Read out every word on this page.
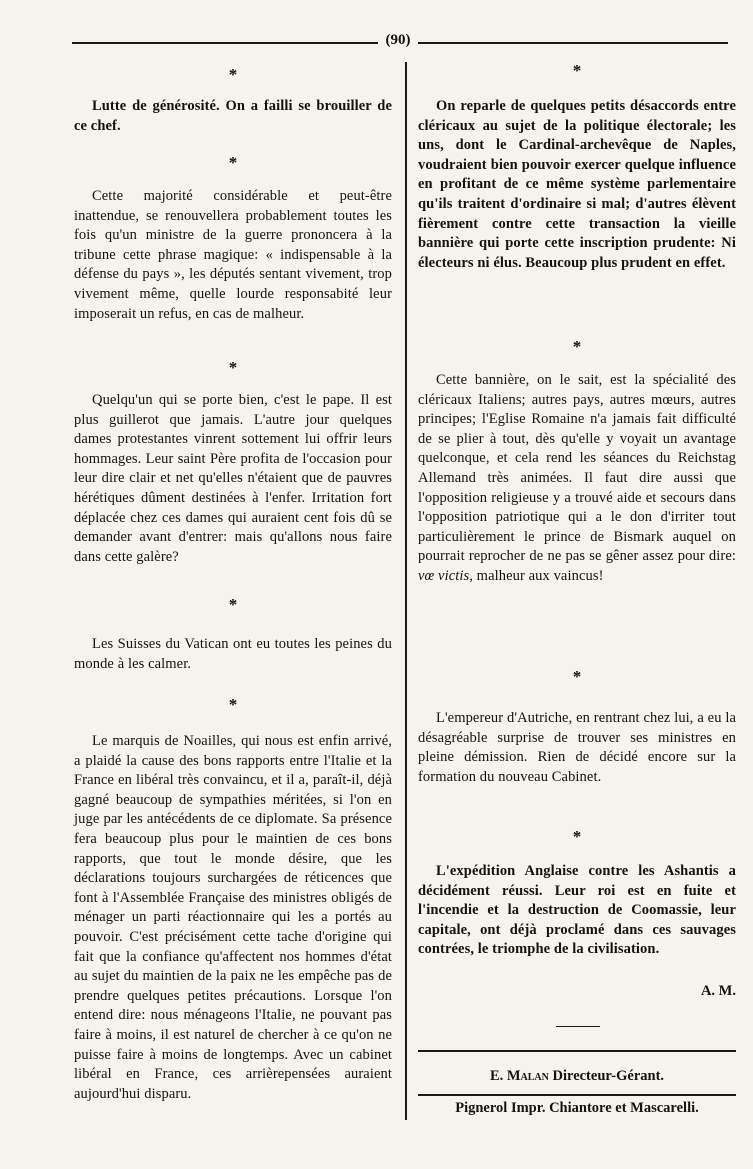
(90)
*

Lutte de générosité. On a failli se brouiller de ce chef.

*

Cette majorité considérable et peut-être inattendue, se renouvellera probablement toutes les fois qu'un ministre de la guerre prononcera à la tribune cette phrase magique: « indispensable à la défense du pays », les députés sentant vivement, trop vivement même, quelle lourde responsabité leur imposerait un refus, en cas de malheur.

*

Quelqu'un qui se porte bien, c'est le pape. Il est plus guillerot que jamais. L'autre jour quelques dames protestantes vinrent sottement lui offrir leurs hommages. Leur saint Père profita de l'occasion pour leur dire clair et net qu'elles n'étaient que de pauvres hérétiques dûment destinées à l'enfer. Irritation fort déplacée chez ces dames qui auraient cent fois dû se demander avant d'entrer: mais qu'allons nous faire dans cette galère?

*

Les Suisses du Vatican ont eu toutes les peines du monde à les calmer.

*

Le marquis de Noailles, qui nous est enfin arrivé, a plaidé la cause des bons rapports entre l'Italie et la France en libéral très convaincu, et il a, paraît-il, déjà gagné beaucoup de sympathies méritées, si l'on en juge par les antécédents de ce diplomate. Sa présence fera beaucoup plus pour le maintien de ces bons rapports, que tout le monde désire, que les déclarations toujours surchargées de réticences que font à l'Assemblée Française des ministres obligés de ménager un parti réactionnaire qui les a portés au pouvoir. C'est précisément cette tache d'origine qui fait que la confiance qu'affectent nos hommes d'état au sujet du maintien de la paix ne les empêche pas de prendre quelques petites précautions. Lorsque l'on entend dire: nous ménageons l'Italie, ne pouvant pas faire à moins, il est naturel de chercher à ce qu'on ne puisse faire à moins de longtemps. Avec un cabinet libéral en France, ces arrièrepensées auraient aujourd'hui disparu.

*

On reparle de quelques petits désaccords entre cléricaux au sujet de la politique électorale; les uns, dont le Cardinal-archevêque de Naples, voudraient bien pouvoir exercer quelque influence en profitant de ce même système parlementaire qu'ils traitent d'ordinaire si mal; d'autres élèvent fièrement contre cette transaction la vieille bannière qui porte cette inscription prudente: Ni électeurs ni élus. Beaucoup plus prudent en effet.

*

Cette bannière, on le sait, est la spécialité des cléricaux Italiens; autres pays, autres mœurs, autres principes; l'Eglise Romaine n'a jamais fait difficulté de se plier à tout, dès qu'elle y voyait un avantage quelconque, et cela rend les séances du Reichstag Allemand très animées. Il faut dire aussi que l'opposition religieuse y a trouvé aide et secours dans l'opposition patriotique qui a le don d'irriter tout particulièrement le prince de Bismark auquel on pourrait reprocher de ne pas se gêner assez pour dire: vœ victis, malheur aux vaincus!

*

L'empereur d'Autriche, en rentrant chez lui, a eu la désagréable surprise de trouver ses ministres en pleine démission. Rien de décidé encore sur la formation du nouveau Cabinet.

*

L'expédition Anglaise contre les Ashantis a décidément réussi. Leur roi est en fuite et l'incendie et la destruction de Coomassie, leur capitale, ont déjà proclamé dans ces sauvages contrées, le triomphe de la civilisation.

A. M.
E. Malan Directeur-Gérant.
Pignerol Impr. Chiantore et Mascarelli.
